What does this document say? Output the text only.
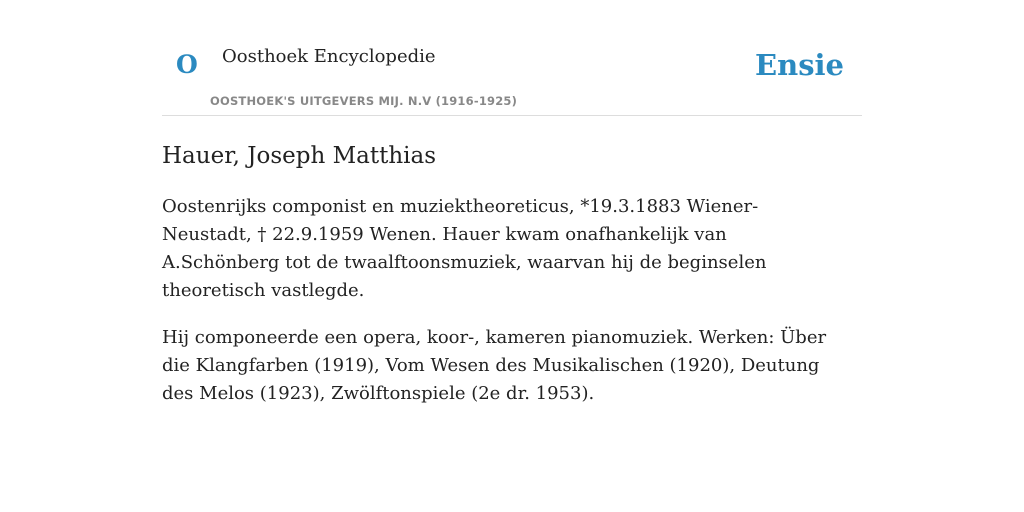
O Oosthoek Encyclopedie
OOSTHOEK'S UITGEVERS MIJ. N.V (1916-1925)
Ensie
Hauer, Joseph Matthias

Oostenrijks componist en muziektheoreticus, *19.3.1883 Wiener-Neustadt, † 22.9.1959 Wenen. Hauer kwam onafhankelijk van A.Schönberg tot de twaalftoonsmuziek, waarvan hij de beginselen theoretisch vastlegde.

Hij componeerde een opera, koor-, kameren pianomuziek. Werken: Über die Klangfarben (1919), Vom Wesen des Musikalischen (1920), Deutung des Melos (1923), Zwölftonspiele (2e dr. 1953).
